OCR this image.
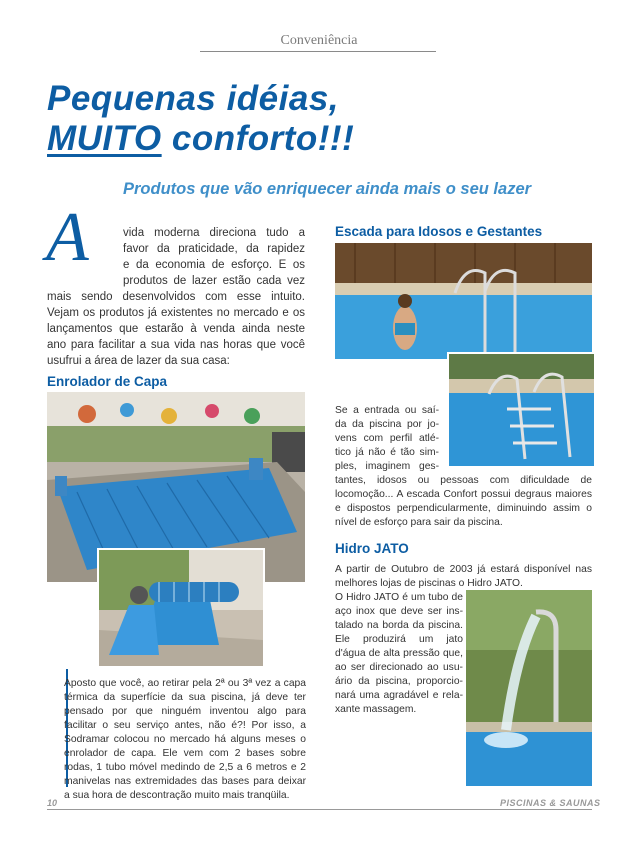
Conveniência
Pequenas idéias,
MUITO conforto!!!
Produtos que vão enriquecer ainda mais o seu lazer
A	vida moderna direciona tudo a
favor da praticidade, da rapidez
e da economia de esforço. E os
produtos de lazer estão cada vez
mais sendo desenvolvidos com esse intuito. Vejam os produtos já existentes no mercado e os lançamentos que estarão à venda ainda neste ano para facilitar a sua vida nas horas que você usufrui a área de lazer da sua casa:
Enrolador de Capa
Aposto que você, ao retirar pela 2ª ou 3ª vez a capa térmica da superfície da sua piscina, já deve ter pensado por que ninguém inventou algo para facilitar o seu serviço antes, não é?! Por isso, a Sodramar colocou no mercado há alguns meses o enrolador de capa. Ele vem com 2 bases sobre rodas, 1 tubo móvel medindo de 2,5 a 6 metros e 2 manivelas nas extremidades das bases para deixar a sua hora de descontração muito mais tranqüila.
Escada para Idosos e Gestantes
Se a entrada ou saí-
da da piscina por jo-
vens com perfil atlé-
tico já não é tão sim-
ples, imaginem ges-
tantes, idosos ou pessoas com dificuldade de locomoção... A escada Confort possui degraus maiores e dispostos perpendicularmente, diminuindo assim o nível de esforço para sair da piscina.
Hidro JATO
A partir de Outubro de 2003 já estará disponível nas melhores lojas de piscinas o Hidro JATO.
O Hidro JATO é um tubo de
aço inox que deve ser ins-
talado na borda da piscina.
Ele produzirá um jato
d'água de alta pressão que,
ao ser direcionado ao usu-
ário da piscina, proporcio-
nará uma agradável e rela-
xante massagem.
10	PISCINAS & SAUNAS
